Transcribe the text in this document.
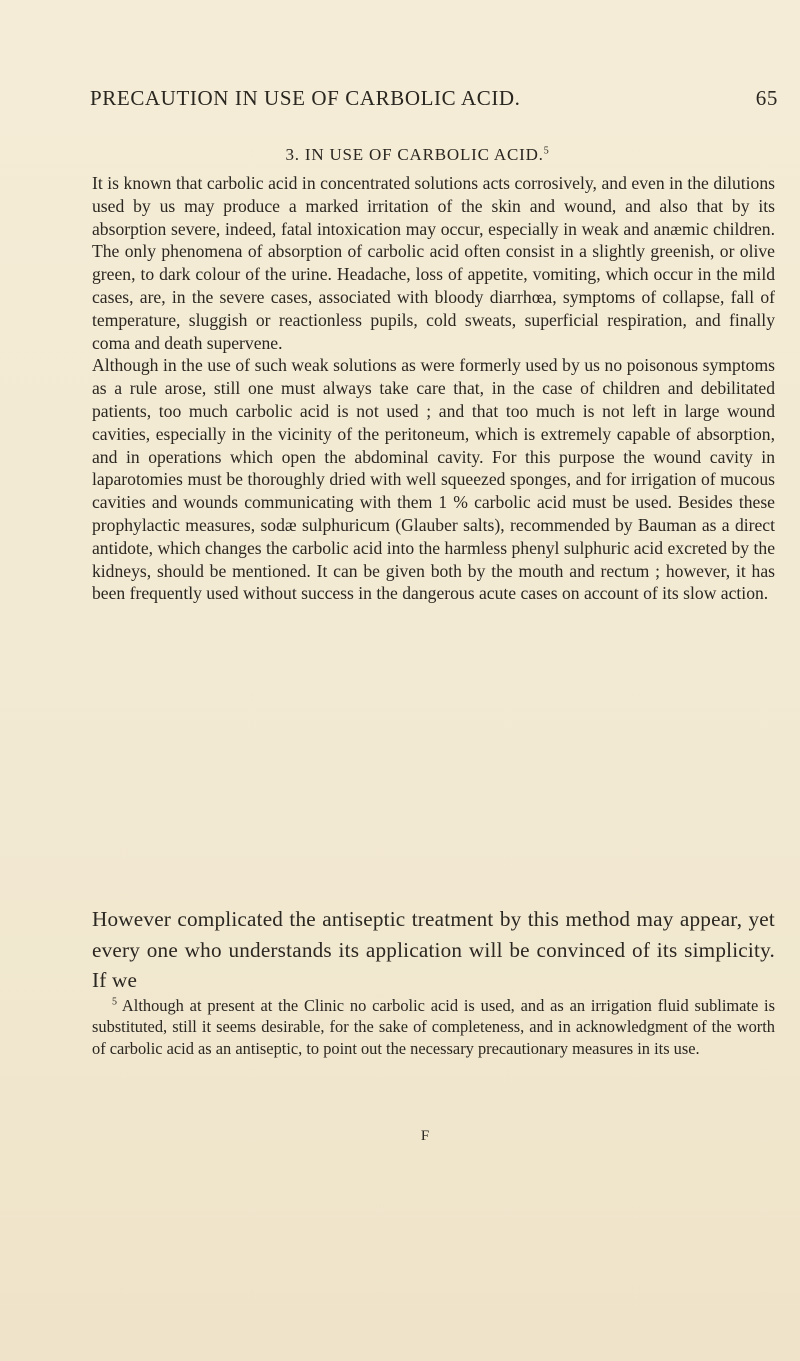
PRECAUTION IN USE OF CARBOLIC ACID.	65
3. IN USE OF CARBOLIC ACID.$^5$

It is known that carbolic acid in concentrated solutions acts corrosively, and even in the dilutions used by us may produce a marked irritation of the skin and wound, and also that by its absorption severe, indeed, fatal intoxication may occur, especially in weak and anæmic children. The only phenomena of absorption of carbolic acid often consist in a slightly greenish, or olive green, to dark colour of the urine. Headache, loss of appetite, vomiting, which occur in the mild cases, are, in the severe cases, associated with bloody diarrhœa, symptoms of collapse, fall of temperature, sluggish or reactionless pupils, cold sweats, superficial respiration, and finally coma and death supervene.

Although in the use of such weak solutions as were formerly used by us no poisonous symptoms as a rule arose, still one must always take care that, in the case of children and debilitated patients, too much carbolic acid is not used ; and that too much is not left in large wound cavities, especially in the vicinity of the peritoneum, which is extremely capable of absorption, and in operations which open the abdominal cavity. For this purpose the wound cavity in laparotomies must be thoroughly dried with well squeezed sponges, and for irrigation of mucous cavities and wounds communicating with them 1 % carbolic acid must be used. Besides these prophylactic measures, sodæ sulphuricum (Glauber salts), recommended by Bauman as a direct antidote, which changes the carbolic acid into the harmless phenyl sulphuric acid excreted by the kidneys, should be mentioned. It can be given both by the mouth and rectum ; however, it has been frequently used without success in the dangerous acute cases on account of its slow action.

However complicated the antiseptic treatment by this method may appear, yet every one who understands its application will be convinced of its simplicity. If we

$^5$ Although at present at the Clinic no carbolic acid is used, and as an irrigation fluid sublimate is substituted, still it seems desirable, for the sake of completeness, and in acknowledgment of the worth of carbolic acid as an antiseptic, to point out the necessary precautionary measures in its use.

F
